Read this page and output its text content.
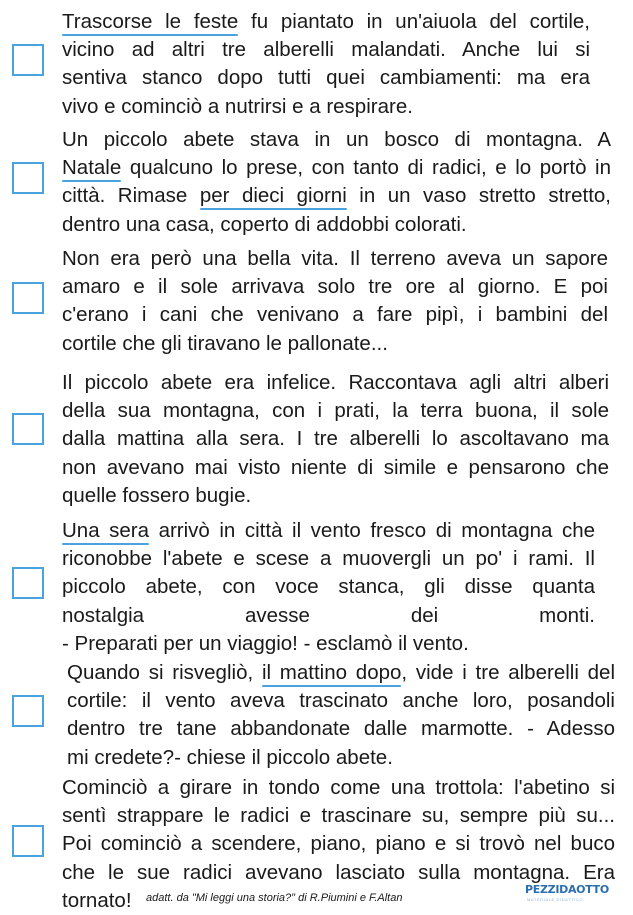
Trascorse le feste fu piantato in un'aiuola del cortile,
vicino ad altri tre alberelli malandati. Anche lui si
sentiva stanco dopo tutti quei cambiamenti: ma era
vivo e cominciò a nutrirsi e a respirare.
Un piccolo abete stava in un bosco di montagna. A
Natale qualcuno lo prese, con tanto di radici, e lo portò in
città. Rimase per dieci giorni in un vaso stretto stretto,
dentro una casa, coperto di addobbi colorati.
Non era però una bella vita. Il terreno aveva un sapore
amaro e il sole arrivava solo tre ore al giorno. E poi
c'erano i cani che venivano a fare pipì, i bambini del
cortile che gli tiravano le pallonate...
Il piccolo abete era infelice. Raccontava agli altri alberi
della sua montagna, con i prati, la terra buona, il sole
dalla mattina alla sera. I tre alberelli lo ascoltavano ma
non avevano mai visto niente di simile e pensarono che
quelle fossero bugie.
Una sera arrivò in città il vento fresco di montagna che
riconobbe l'abete e scese a muovergli un po' i rami. Il
piccolo abete, con voce stanca, gli disse quanta
nostalgia avesse dei monti.
- Preparati per un viaggio! - esclamò il vento.
Quando si risvegliò, il mattino dopo, vide i tre alberelli del
cortile: il vento aveva trascinato anche loro, posandoli
dentro tre tane abbandonate dalle marmotte. - Adesso
mi credete?- chiese il piccolo abete.
Cominciò a girare in tondo come una trottola: l'abetino si
sentì strappare le radici e trascinare su, sempre più su...
Poi cominciò a scendere, piano, piano e si trovò nel buco
che le sue radici avevano lasciato sulla montagna. Era
tornato!	adatt. da "Mi leggi una storia?" di R.Piumini e F.Altan
PEZZIDAOTTO
MATERIALE DIDATTICO
